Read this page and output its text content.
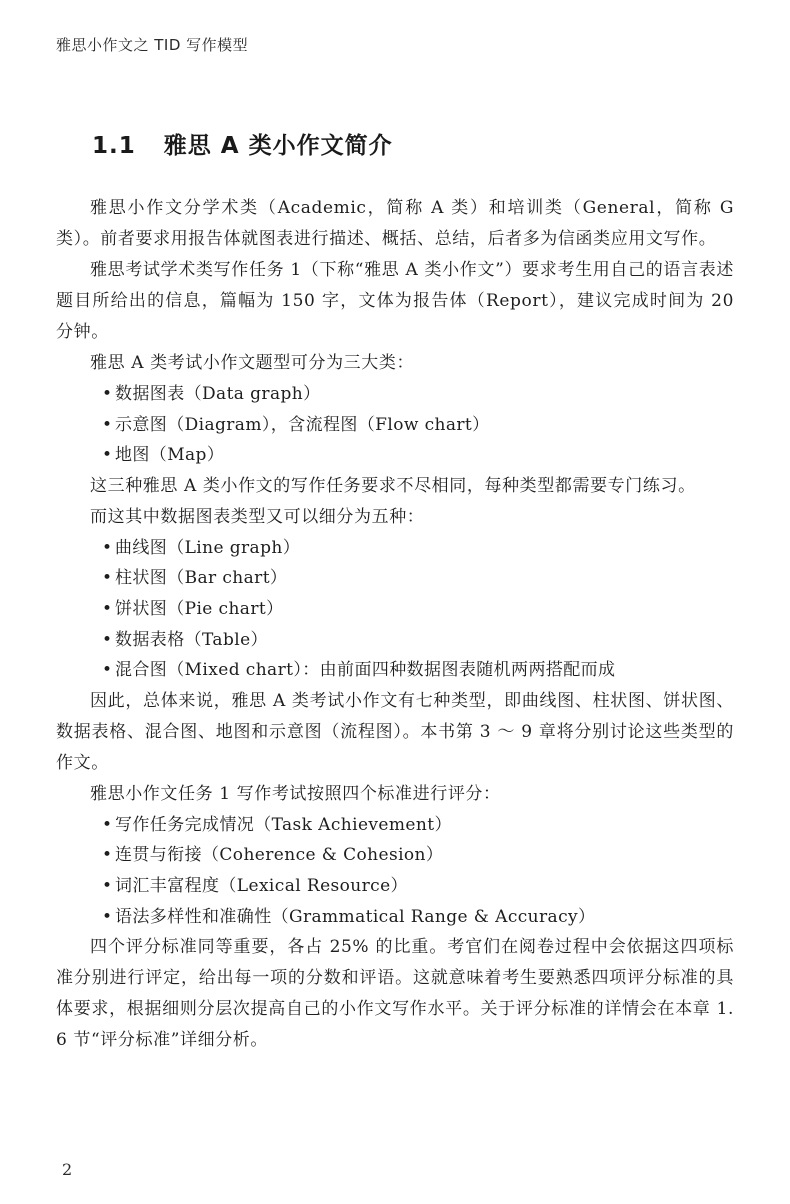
雅思小作文之 TID 写作模型
1.1 雅思 A 类小作文简介

雅思小作文分学术类（Academic，简称 A 类）和培训类（General，简称 G 类）。前者要求用报告体就图表进行描述、概括、总结，后者多为信函类应用文写作。

雅思考试学术类写作任务 1（下称“雅思 A 类小作文”）要求考生用自己的语言表述题目所给出的信息，篇幅为 150 字，文体为报告体（Report），建议完成时间为 20 分钟。

雅思 A 类考试小作文题型可分为三大类：

• 数据图表（Data graph）
• 示意图（Diagram），含流程图（Flow chart）
• 地图（Map）

这三种雅思 A 类小作文的写作任务要求不尽相同，每种类型都需要专门练习。

而这其中数据图表类型又可以细分为五种：

• 曲线图（Line graph）
• 柱状图（Bar chart）
• 饼状图（Pie chart）
• 数据表格（Table）
• 混合图（Mixed chart）：由前面四种数据图表随机两两搭配而成

因此，总体来说，雅思 A 类考试小作文有七种类型，即曲线图、柱状图、饼状图、数据表格、混合图、地图和示意图（流程图）。本书第 3 ～ 9 章将分别讨论这些类型的作文。

雅思小作文任务 1 写作考试按照四个标准进行评分：

• 写作任务完成情况（Task Achievement）
• 连贯与衔接（Coherence & Cohesion）
• 词汇丰富程度（Lexical Resource）
• 语法多样性和准确性（Grammatical Range & Accuracy）

四个评分标准同等重要，各占 25% 的比重。考官们在阅卷过程中会依据这四项标准分别进行评定，给出每一项的分数和评语。这就意味着考生要熟悉四项评分标准的具体要求，根据细则分层次提高自己的小作文写作水平。关于评分标准的详情会在本章 1. 6 节“评分标准”详细分析。

2
